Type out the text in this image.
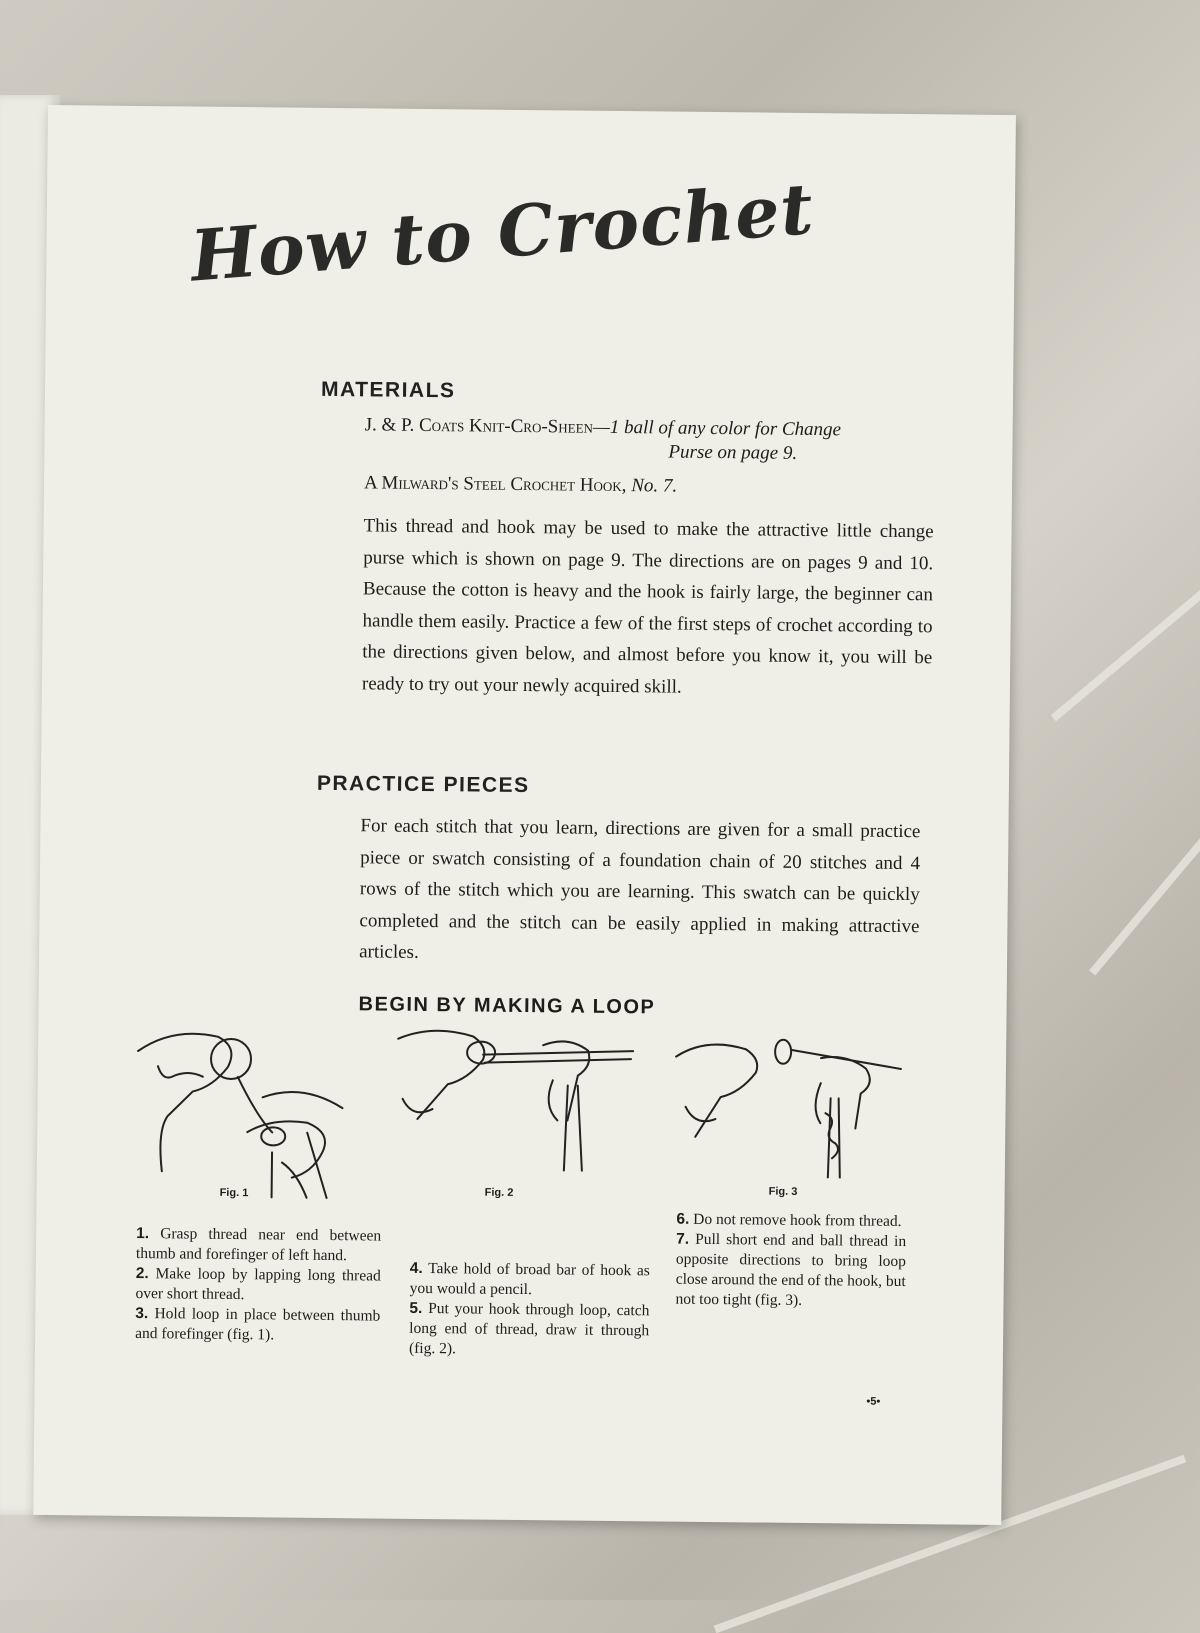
How to Crochet
MATERIALS

J. & P. Coats Knit-Cro-Sheen—1 ball of any color for Change

Purse on page 9.

A Milward's Steel Crochet Hook, No. 7.

This thread and hook may be used to make the attractive little change purse which is shown on page 9. The directions are on pages 9 and 10. Because the cotton is heavy and the hook is fairly large, the beginner can handle them easily. Practice a few of the first steps of crochet according to the directions given below, and almost before you know it, you will be ready to try out your newly acquired skill.

PRACTICE PIECES

For each stitch that you learn, directions are given for a small practice piece or swatch consisting of a foundation chain of 20 stitches and 4 rows of the stitch which you are learning. This swatch can be quickly completed and the stitch can be easily applied in making attractive articles.

BEGIN BY MAKING A LOOP
Fig. 1	Fig. 2	Fig. 3

1. Grasp thread near end between thumb and forefinger of left hand.

2. Make loop by lapping long thread over short thread.

3. Hold loop in place between thumb and forefinger (fig. 1).

4. Take hold of broad bar of hook as you would a pencil.

5. Put your hook through loop, catch long end of thread, draw it through (fig. 2).

6. Do not remove hook from thread.

7. Pull short end and ball thread in opposite directions to bring loop close around the end of the hook, but not too tight (fig. 3).

•5•
